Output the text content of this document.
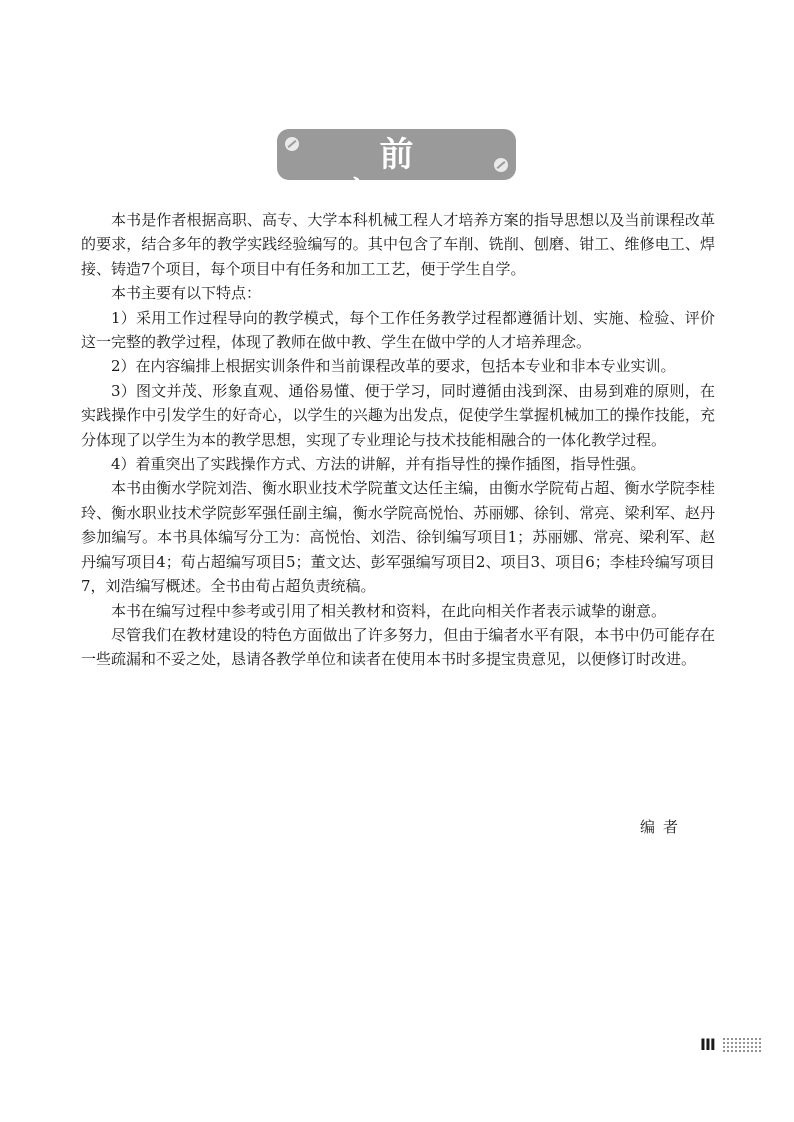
前言

本书是作者根据高职、高专、大学本科机械工程人才培养方案的指导思想以及当前课程改革的要求，结合多年的教学实践经验编写的。其中包含了车削、铣削、刨磨、钳工、维修电工、焊接、铸造7个项目，每个项目中有任务和加工工艺，便于学生自学。

本书主要有以下特点：

1）采用工作过程导向的教学模式，每个工作任务教学过程都遵循计划、实施、检验、评价这一完整的教学过程，体现了教师在做中教、学生在做中学的人才培养理念。

2）在内容编排上根据实训条件和当前课程改革的要求，包括本专业和非本专业实训。

3）图文并茂、形象直观、通俗易懂、便于学习，同时遵循由浅到深、由易到难的原则，在实践操作中引发学生的好奇心，以学生的兴趣为出发点，促使学生掌握机械加工的操作技能，充分体现了以学生为本的教学思想，实现了专业理论与技术技能相融合的一体化教学过程。

4）着重突出了实践操作方式、方法的讲解，并有指导性的操作插图，指导性强。

本书由衡水学院刘浩、衡水职业技术学院董文达任主编，由衡水学院荀占超、衡水学院李桂玲、衡水职业技术学院彭军强任副主编，衡水学院高悦怡、苏丽娜、徐钊、常亮、梁利军、赵丹参加编写。本书具体编写分工为：高悦怡、刘浩、徐钊编写项目1；苏丽娜、常亮、梁利军、赵丹编写项目4；荀占超编写项目5；董文达、彭军强编写项目2、项目3、项目6；李桂玲编写项目7，刘浩编写概述。全书由荀占超负责统稿。

本书在编写过程中参考或引用了相关教材和资料，在此向相关作者表示诚挚的谢意。

尽管我们在教材建设的特色方面做出了许多努力，但由于编者水平有限，本书中仍可能存在一些疏漏和不妥之处，恳请各教学单位和读者在使用本书时多提宝贵意见，以便修订时改进。

编者
III
